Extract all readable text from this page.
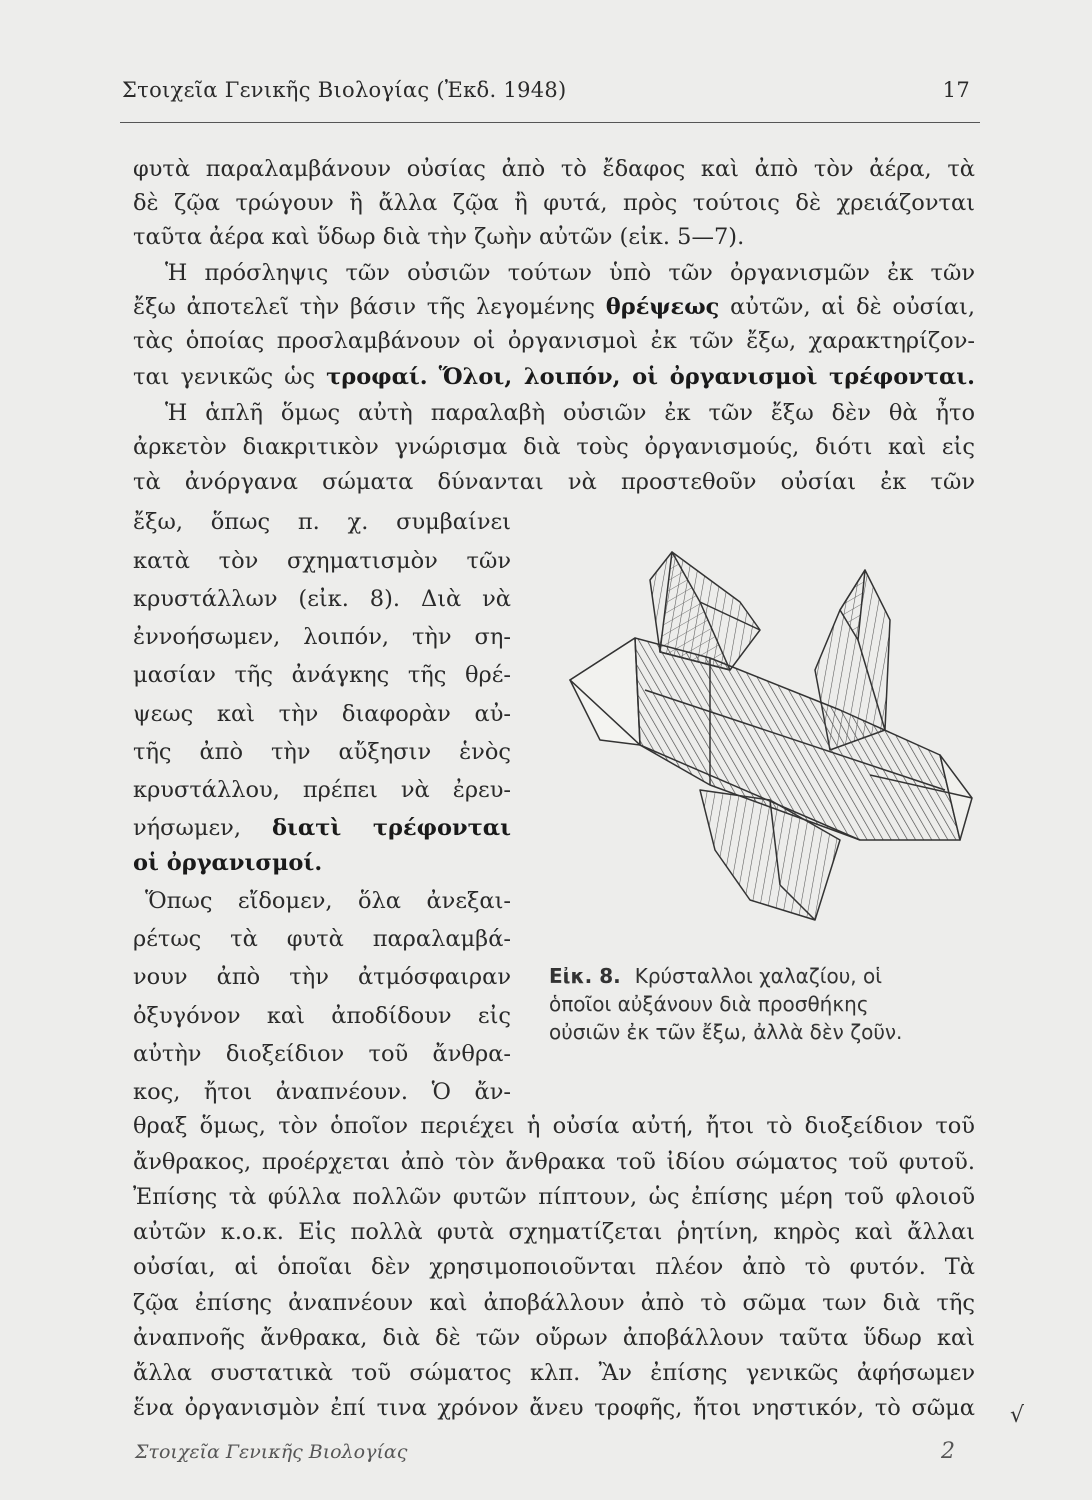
Στοιχεῖα Γενικῆς Βιολογίας (Ἐκδ. 1948)	17
φυτὰ παραλαμβάνουν οὐσίας ἀπὸ τὸ ἔδαφος καὶ ἀπὸ τὸν ἀέρα, τὰ
δὲ ζῷα τρώγουν ἢ ἄλλα ζῷα ἢ φυτά, πρὸς τούτοις δὲ χρειάζονται
ταῦτα ἀέρα καὶ ὕδωρ διὰ τὴν ζωὴν αὐτῶν (εἰκ. 5—7).
Ἡ πρόσληψις τῶν οὐσιῶν τούτων ὑπὸ τῶν ὀργανισμῶν ἐκ τῶν
ἔξω ἀποτελεῖ τὴν βάσιν τῆς λεγομένης θρέψεως αὐτῶν, αἱ δὲ οὐσίαι,
τὰς ὁποίας προσλαμβάνουν οἱ ὀργανισμοὶ ἐκ τῶν ἔξω, χαρακτηρίζον-
ται γενικῶς ὡς τροφαί. Ὅλοι, λοιπόν, οἱ ὀργανισμοὶ τρέφονται.
Ἡ ἁπλῆ ὅμως αὐτὴ παραλαβὴ οὐσιῶν ἐκ τῶν ἔξω δὲν θὰ ἦτο
ἀρκετὸν διακριτικὸν γνώρισμα διὰ τοὺς ὀργανισμούς, διότι καὶ εἰς
τὰ ἀνόργανα σώματα δύνανται νὰ προστεθοῦν οὐσίαι ἐκ τῶν
ἔξω, ὅπως π. χ. συμβαίνει
κατὰ τὸν σχηματισμὸν τῶν
κρυστάλλων (εἰκ. 8). Διὰ νὰ
ἐννοήσωμεν, λοιπόν, τὴν ση-
μασίαν τῆς ἀνάγκης τῆς θρέ-
ψεως καὶ τὴν διαφορὰν αὐ-
τῆς ἀπὸ τὴν αὔξησιν ἑνὸς
κρυστάλλου, πρέπει νὰ ἐρευ-
νήσωμεν, διατὶ τρέφονται
οἱ ὀργανισμοί.
Ὅπως εἴδομεν, ὅλα ἀνεξαι-
ρέτως τὰ φυτὰ παραλαμβά-
νουν ἀπὸ τὴν ἀτμόσφαιραν
ὀξυγόνον καὶ ἀποδίδουν εἰς
αὐτὴν διοξείδιον τοῦ ἄνθρα-
κος, ἤτοι ἀναπνέουν. Ὁ ἄν-
θραξ ὅμως, τὸν ὁποῖον περιέχει ἡ οὐσία αὐτή, ἤτοι τὸ διοξείδιον τοῦ
ἄνθρακος, προέρχεται ἀπὸ τὸν ἄνθρακα τοῦ ἰδίου σώματος τοῦ φυτοῦ.
Ἐπίσης τὰ φύλλα πολλῶν φυτῶν πίπτουν, ὡς ἐπίσης μέρη τοῦ φλοιοῦ
αὐτῶν κ.ο.κ. Εἰς πολλὰ φυτὰ σχηματίζεται ῥητίνη, κηρὸς καὶ ἄλλαι
οὐσίαι, αἱ ὁποῖαι δὲν χρησιμοποιοῦνται πλέον ἀπὸ τὸ φυτόν. Τὰ
ζῷα ἐπίσης ἀναπνέουν καὶ ἀποβάλλουν ἀπὸ τὸ σῶμα των διὰ τῆς
ἀναπνοῆς ἄνθρακα, διὰ δὲ τῶν οὔρων ἀποβάλλουν ταῦτα ὕδωρ καὶ
ἄλλα συστατικὰ τοῦ σώματος κλπ. Ἂν ἐπίσης γενικῶς ἀφήσωμεν
ἕνα ὀργανισμὸν ἐπί τινα χρόνον ἄνευ τροφῆς, ἤτοι νηστικόν, τὸ σῶμα
Εἰκ. 8. Κρύσταλλοι χαλαζίου, οἱ
ὁποῖοι αὐξάνουν διὰ προσθήκης
οὐσιῶν ἐκ τῶν ἔξω, ἀλλὰ δὲν ζοῦν.
√
Στοιχεῖα Γενικῆς Βιολογίας	2
